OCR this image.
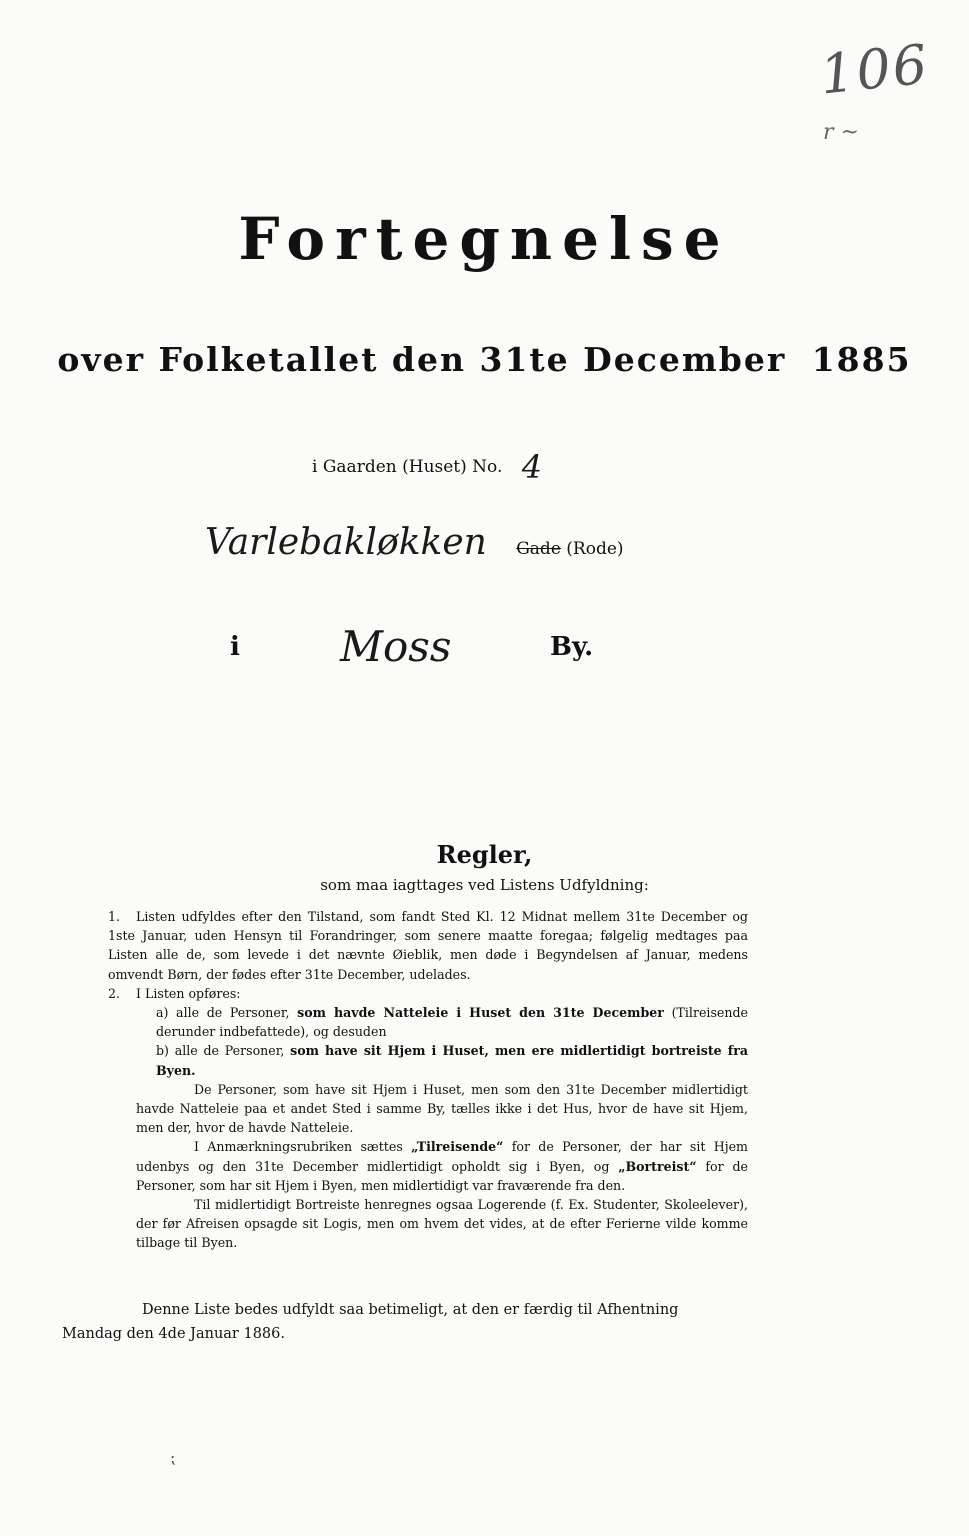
106
r ~
Fortegnelse
over Folketallet den 31te December 1885
i Gaarden (Huset) No. 4
Varlebakløkken Gade (Rode)
i Moss	By.
Regler,
som maa iagttages ved Listens Udfyldning:

1. Listen udfyldes efter den Tilstand, som fandt Sted Kl. 12 Midnat mellem 31te December og 1ste Januar, uden Hensyn til Forandringer, som senere maatte foregaa; følgelig medtages paa Listen alle de, som levede i det nævnte Øieblik, men døde i Begyndelsen af Januar, medens omvendt Børn, der fødes efter 31te December, udelades.

2. I Listen opføres:

a) alle de Personer, som havde Natteleie i Huset den 31te December (Tilreisende derunder indbefattede), og desuden

b) alle de Personer, som have sit Hjem i Huset, men ere midlertidigt bortreiste fra Byen.

De Personer, som have sit Hjem i Huset, men som den 31te December midlertidigt havde Natteleie paa et andet Sted i samme By, tælles ikke i det Hus, hvor de have sit Hjem, men der, hvor de havde Natteleie.

I Anmærkningsrubriken sættes „Tilreisende“ for de Personer, der har sit Hjem udenbys og den 31te December midlertidigt opholdt sig i Byen, og „Bortreist“ for de Personer, som har sit Hjem i Byen, men midlertidigt var fraværende fra den.

Til midlertidigt Bortreiste henregnes ogsaa Logerende (f. Ex. Studenter, Skoleelever), der før Afreisen opsagde sit Logis, men om hvem det vides, at de efter Ferierne vilde komme tilbage til Byen.

Denne Liste bedes udfyldt saa betimeligt, at den er færdig til Afhentning

Mandag den 4de Januar 1886.

⁏
